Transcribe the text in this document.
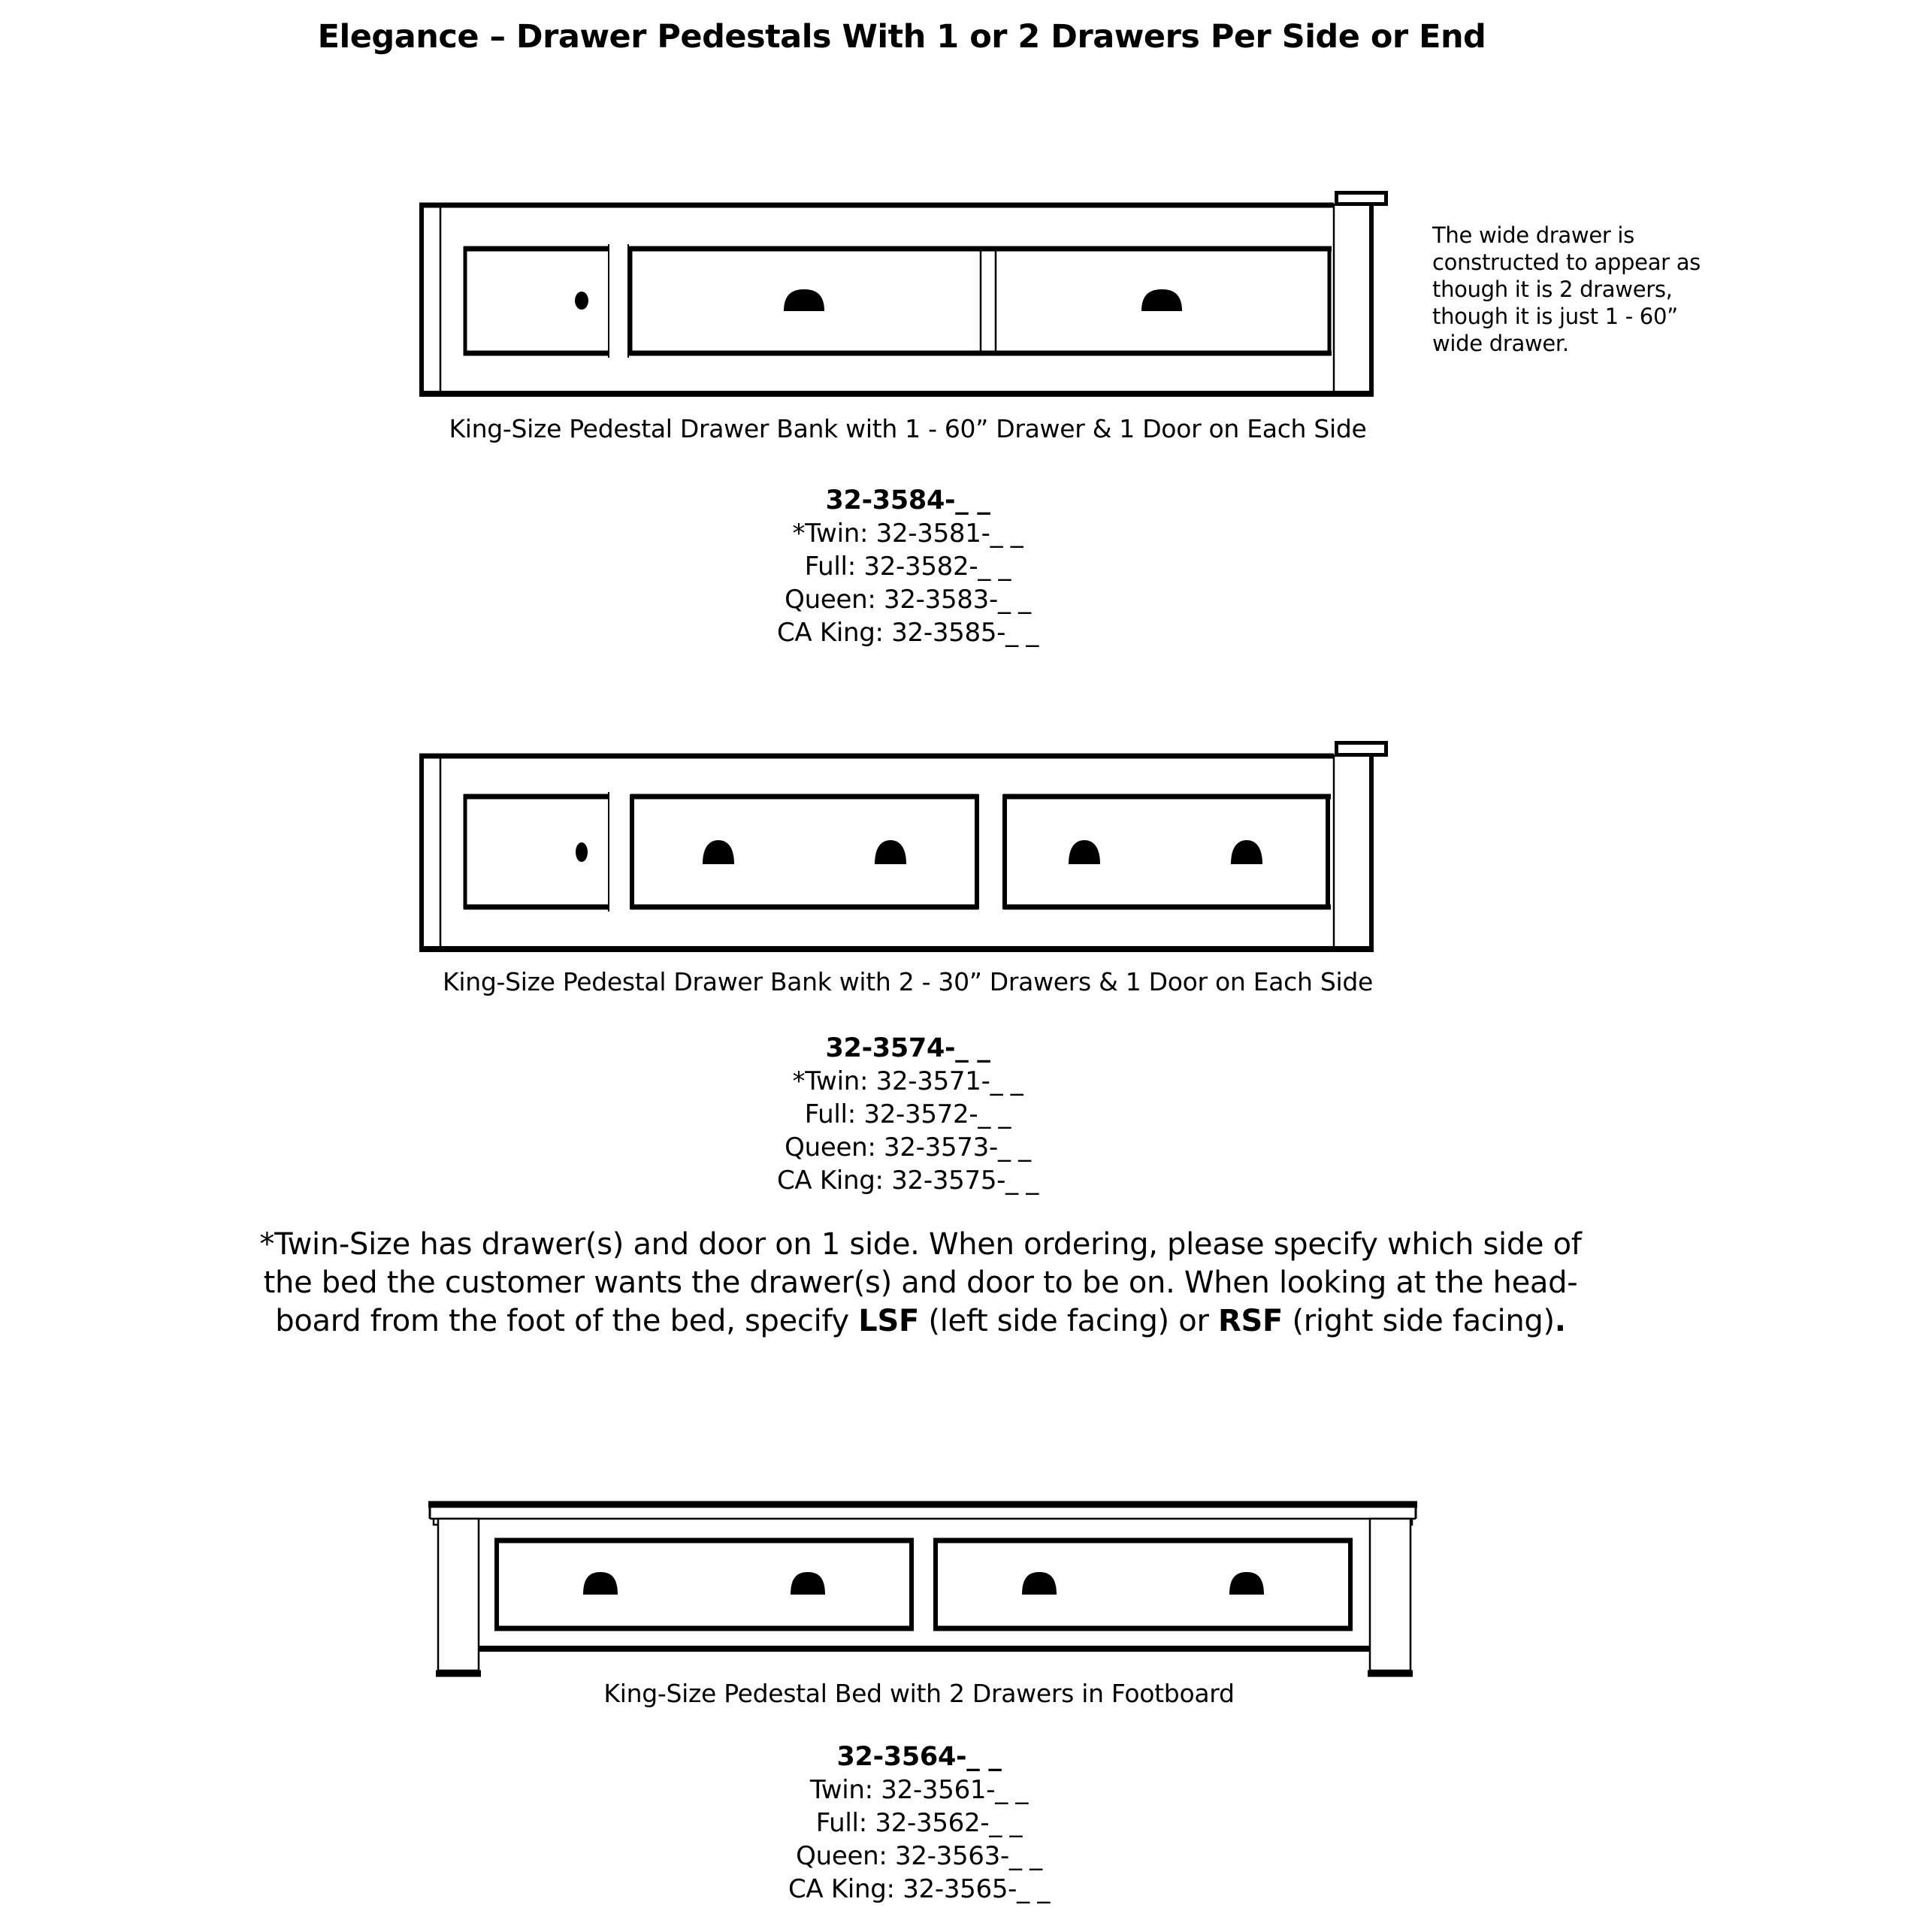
Elegance – Drawer Pedestals With 1 or 2 Drawers Per Side or End
The wide drawer is
constructed to appear as
though it is 2 drawers,
though it is just 1 - 60”
wide drawer.
King-Size Pedestal Drawer Bank with 1 - 60” Drawer & 1 Door on Each Side
32-3584-_ _
*Twin: 32-3581-_ _
Full: 32-3582-_ _
Queen: 32-3583-_ _
CA King: 32-3585-_ _
King-Size Pedestal Drawer Bank with 2 - 30” Drawers & 1 Door on Each Side
32-3574-_ _
*Twin: 32-3571-_ _
Full: 32-3572-_ _
Queen: 32-3573-_ _
CA King: 32-3575-_ _
*Twin-Size has drawer(s) and door on 1 side. When ordering, please specify which side of
the bed the customer wants the drawer(s) and door to be on. When looking at the head-
board from the foot of the bed, specify LSF (left side facing) or RSF (right side facing).
King-Size Pedestal Bed with 2 Drawers in Footboard
32-3564-_ _
Twin: 32-3561-_ _
Full: 32-3562-_ _
Queen: 32-3563-_ _
CA King: 32-3565-_ _
